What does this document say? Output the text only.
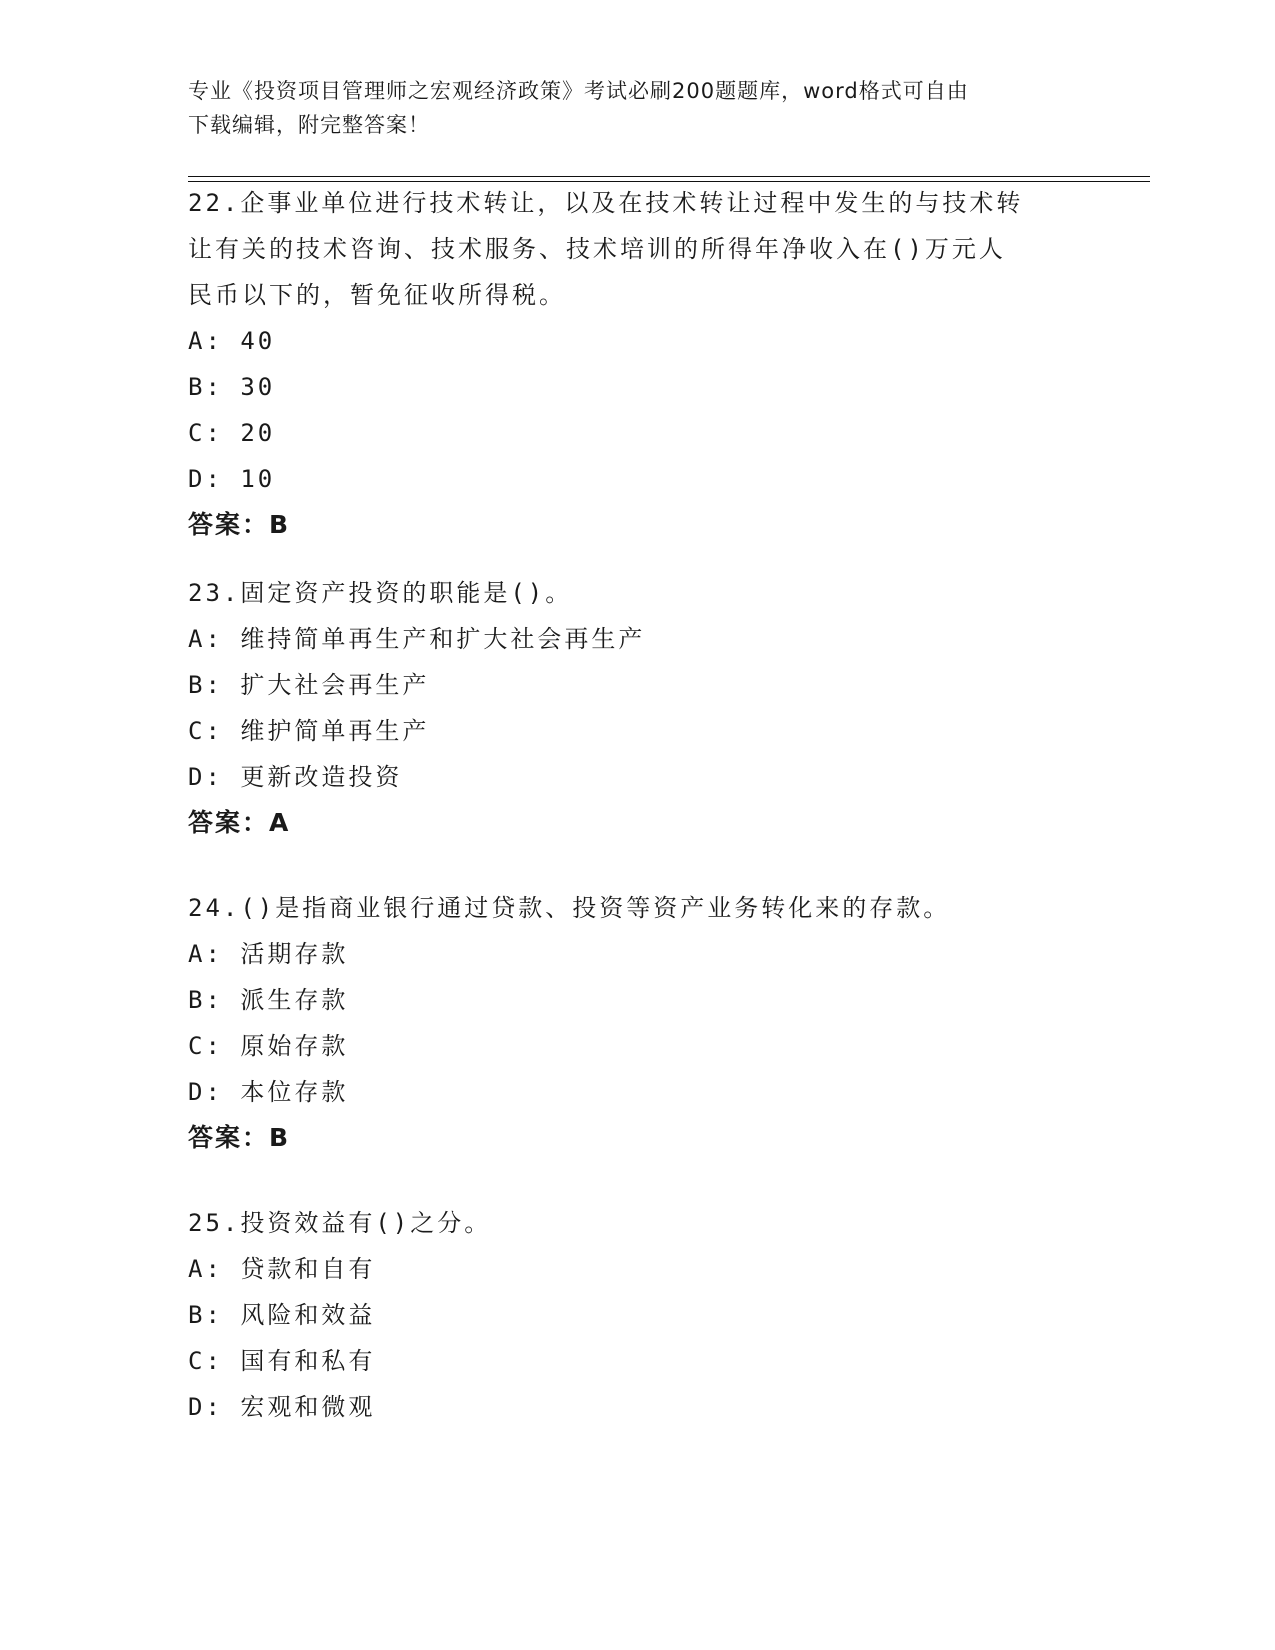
专业《投资项目管理师之宏观经济政策》考试必刷200题题库，word格式可自由
下载编辑，附完整答案！
22.企事业单位进行技术转让，以及在技术转让过程中发生的与技术转
让有关的技术咨询、技术服务、技术培训的所得年净收入在()万元人
民币以下的，暂免征收所得税。
A: 40
B: 30
C: 20
D: 10
答案：B
23.固定资产投资的职能是()。
A: 维持简单再生产和扩大社会再生产
B: 扩大社会再生产
C: 维护简单再生产
D: 更新改造投资
答案：A
24.()是指商业银行通过贷款、投资等资产业务转化来的存款。
A: 活期存款
B: 派生存款
C: 原始存款
D: 本位存款
答案：B
25.投资效益有()之分。
A: 贷款和自有
B: 风险和效益
C: 国有和私有
D: 宏观和微观
